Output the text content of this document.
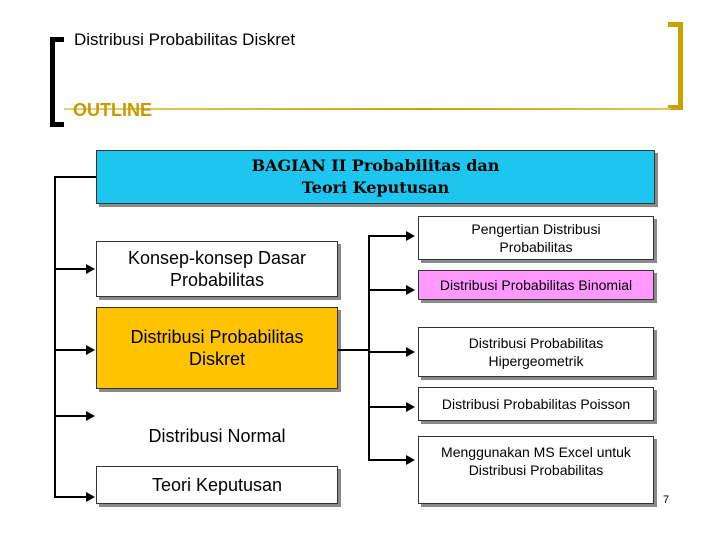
Distribusi Probabilitas Diskret
OUTLINE
BAGIAN II Probabilitas dan
Teori Keputusan
Konsep-konsep Dasar
Probabilitas
Distribusi Probabilitas
Diskret
Distribusi Normal
Teori Keputusan
Pengertian Distribusi
Probabilitas
Distribusi Probabilitas Binomial
Distribusi Probabilitas
Hipergeometrik
Distribusi Probabilitas Poisson
Menggunakan MS Excel untuk
Distribusi Probabilitas
7
